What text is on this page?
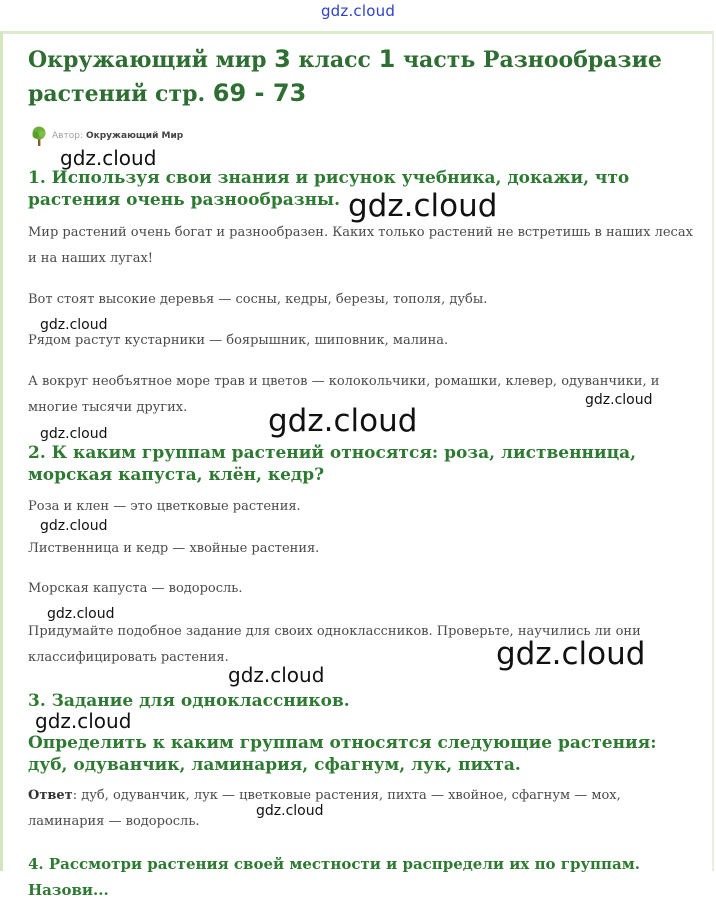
gdz.cloud
Окружающий мир 3 класс 1 часть Разнообразие растений стр. 69 - 73
Автор: Окружающий Мир
1. Используя свои знания и рисунок учебника, докажи, что растения очень разнообразны.

Мир растений очень богат и разнообразен. Каких только растений не встретишь в наших лесах и на наших лугах!

Вот стоят высокие деревья — сосны, кедры, березы, тополя, дубы.

Рядом растут кустарники — боярышник, шиповник, малина.

А вокруг необъятное море трав и цветов — колокольчики, ромашки, клевер, одуванчики, и многие тысячи других.

2. К каким группам растений относятся: роза, лиственница, морская капуста, клён, кедр?

Роза и клен — это цветковые растения.

Лиственница и кедр — хвойные растения.

Морская капуста — водоросль.

Придумайте подобное задание для своих одноклассников. Проверьте, научились ли они классифицировать растения.

3. Задание для одноклассников.
Определить к каким группам относятся следующие растения: дуб, одуванчик, ламинария, сфагнум, лук, пихта.

Ответ: дуб, одуванчик, лук — цветковые растения, пихта — хвойное, сфагнум — мох, ламинария — водоросль.

4. Рассмотри растения своей местности и распредели их по группам. Назови...

gdz.cloud
gdz.cloud
gdz.cloud
gdz.cloud
gdz.cloud
gdz.cloud
gdz.cloud
gdz.cloud
gdz.cloud
gdz.cloud
gdz.cloud
gdz.cloud
